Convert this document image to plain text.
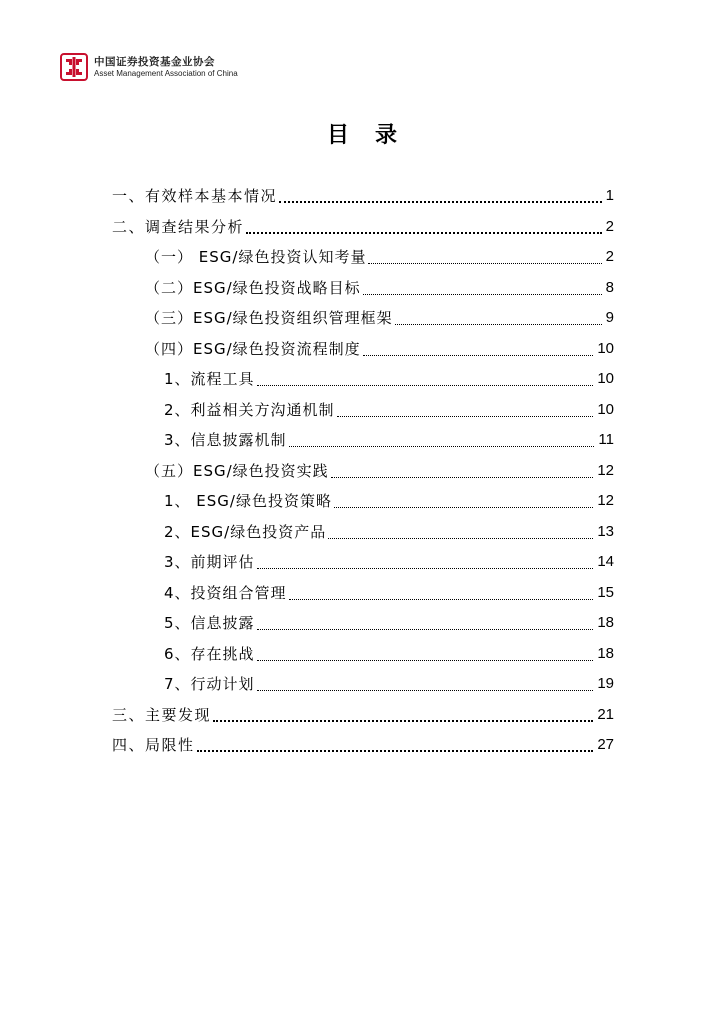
中国证券投资基金业协会
Asset Management Association of China
目录
一、有效样本基本情况	1
二、调查结果分析	2
（一） ESG/绿色投资认知考量	2
（二）ESG/绿色投资战略目标	8
（三）ESG/绿色投资组织管理框架	9
（四）ESG/绿色投资流程制度	10
1、流程工具	10
2、利益相关方沟通机制	10
3、信息披露机制	11
（五）ESG/绿色投资实践	12
1、 ESG/绿色投资策略	12
2、ESG/绿色投资产品	13
3、前期评估	14
4、投资组合管理	15
5、信息披露	18
6、存在挑战	18
7、行动计划	19
三、主要发现	21
四、局限性	27
